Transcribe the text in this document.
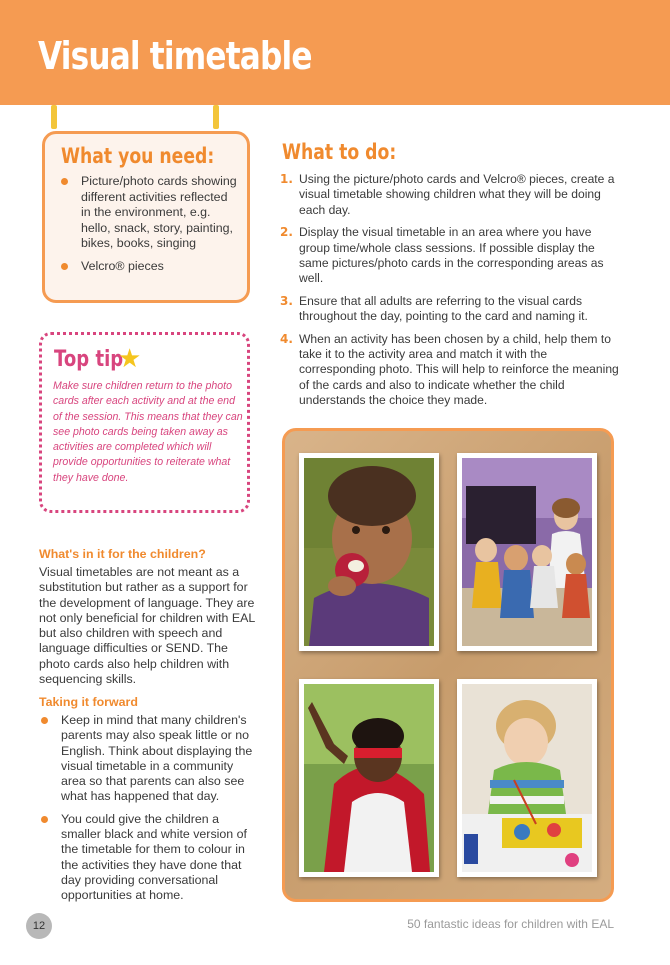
Visual timetable
What you need:
Picture/photo cards showing different activities reflected in the environment, e.g. hello, snack, story, painting, bikes, books, singing
Velcro® pieces
Top tip
★
Make sure children return to the photo cards after each activity and at the end of the session. This means that they can see photo cards being taken away as activities are completed which will provide opportunities to reiterate what they have done.
What to do:
1. Using the picture/photo cards and Velcro® pieces, create a visual timetable showing children what they will be doing each day.
2. Display the visual timetable in an area where you have group time/whole class sessions. If possible display the same pictures/photo cards in the corresponding areas as well.
3. Ensure that all adults are referring to the visual cards throughout the day, pointing to the card and naming it.
4. When an activity has been chosen by a child, help them to take it to the activity area and match it with the corresponding photo. This will help to reinforce the meaning of the cards and also to indicate whether the child understands the choice they made.
What's in it for the children?
Visual timetables are not meant as a substitution but rather as a support for the development of language. They are not only beneficial for children with EAL but also children with speech and language difficulties or SEND. The photo cards also help children with sequencing skills.
Taking it forward
Keep in mind that many children's parents may also speak little or no English. Think about displaying the visual timetable in a community area so that parents can also see what has happened that day.
You could give the children a smaller black and white version of the timetable for them to colour in the activities they have done that day providing conversational opportunities at home.
12	50 fantastic ideas for children with EAL
